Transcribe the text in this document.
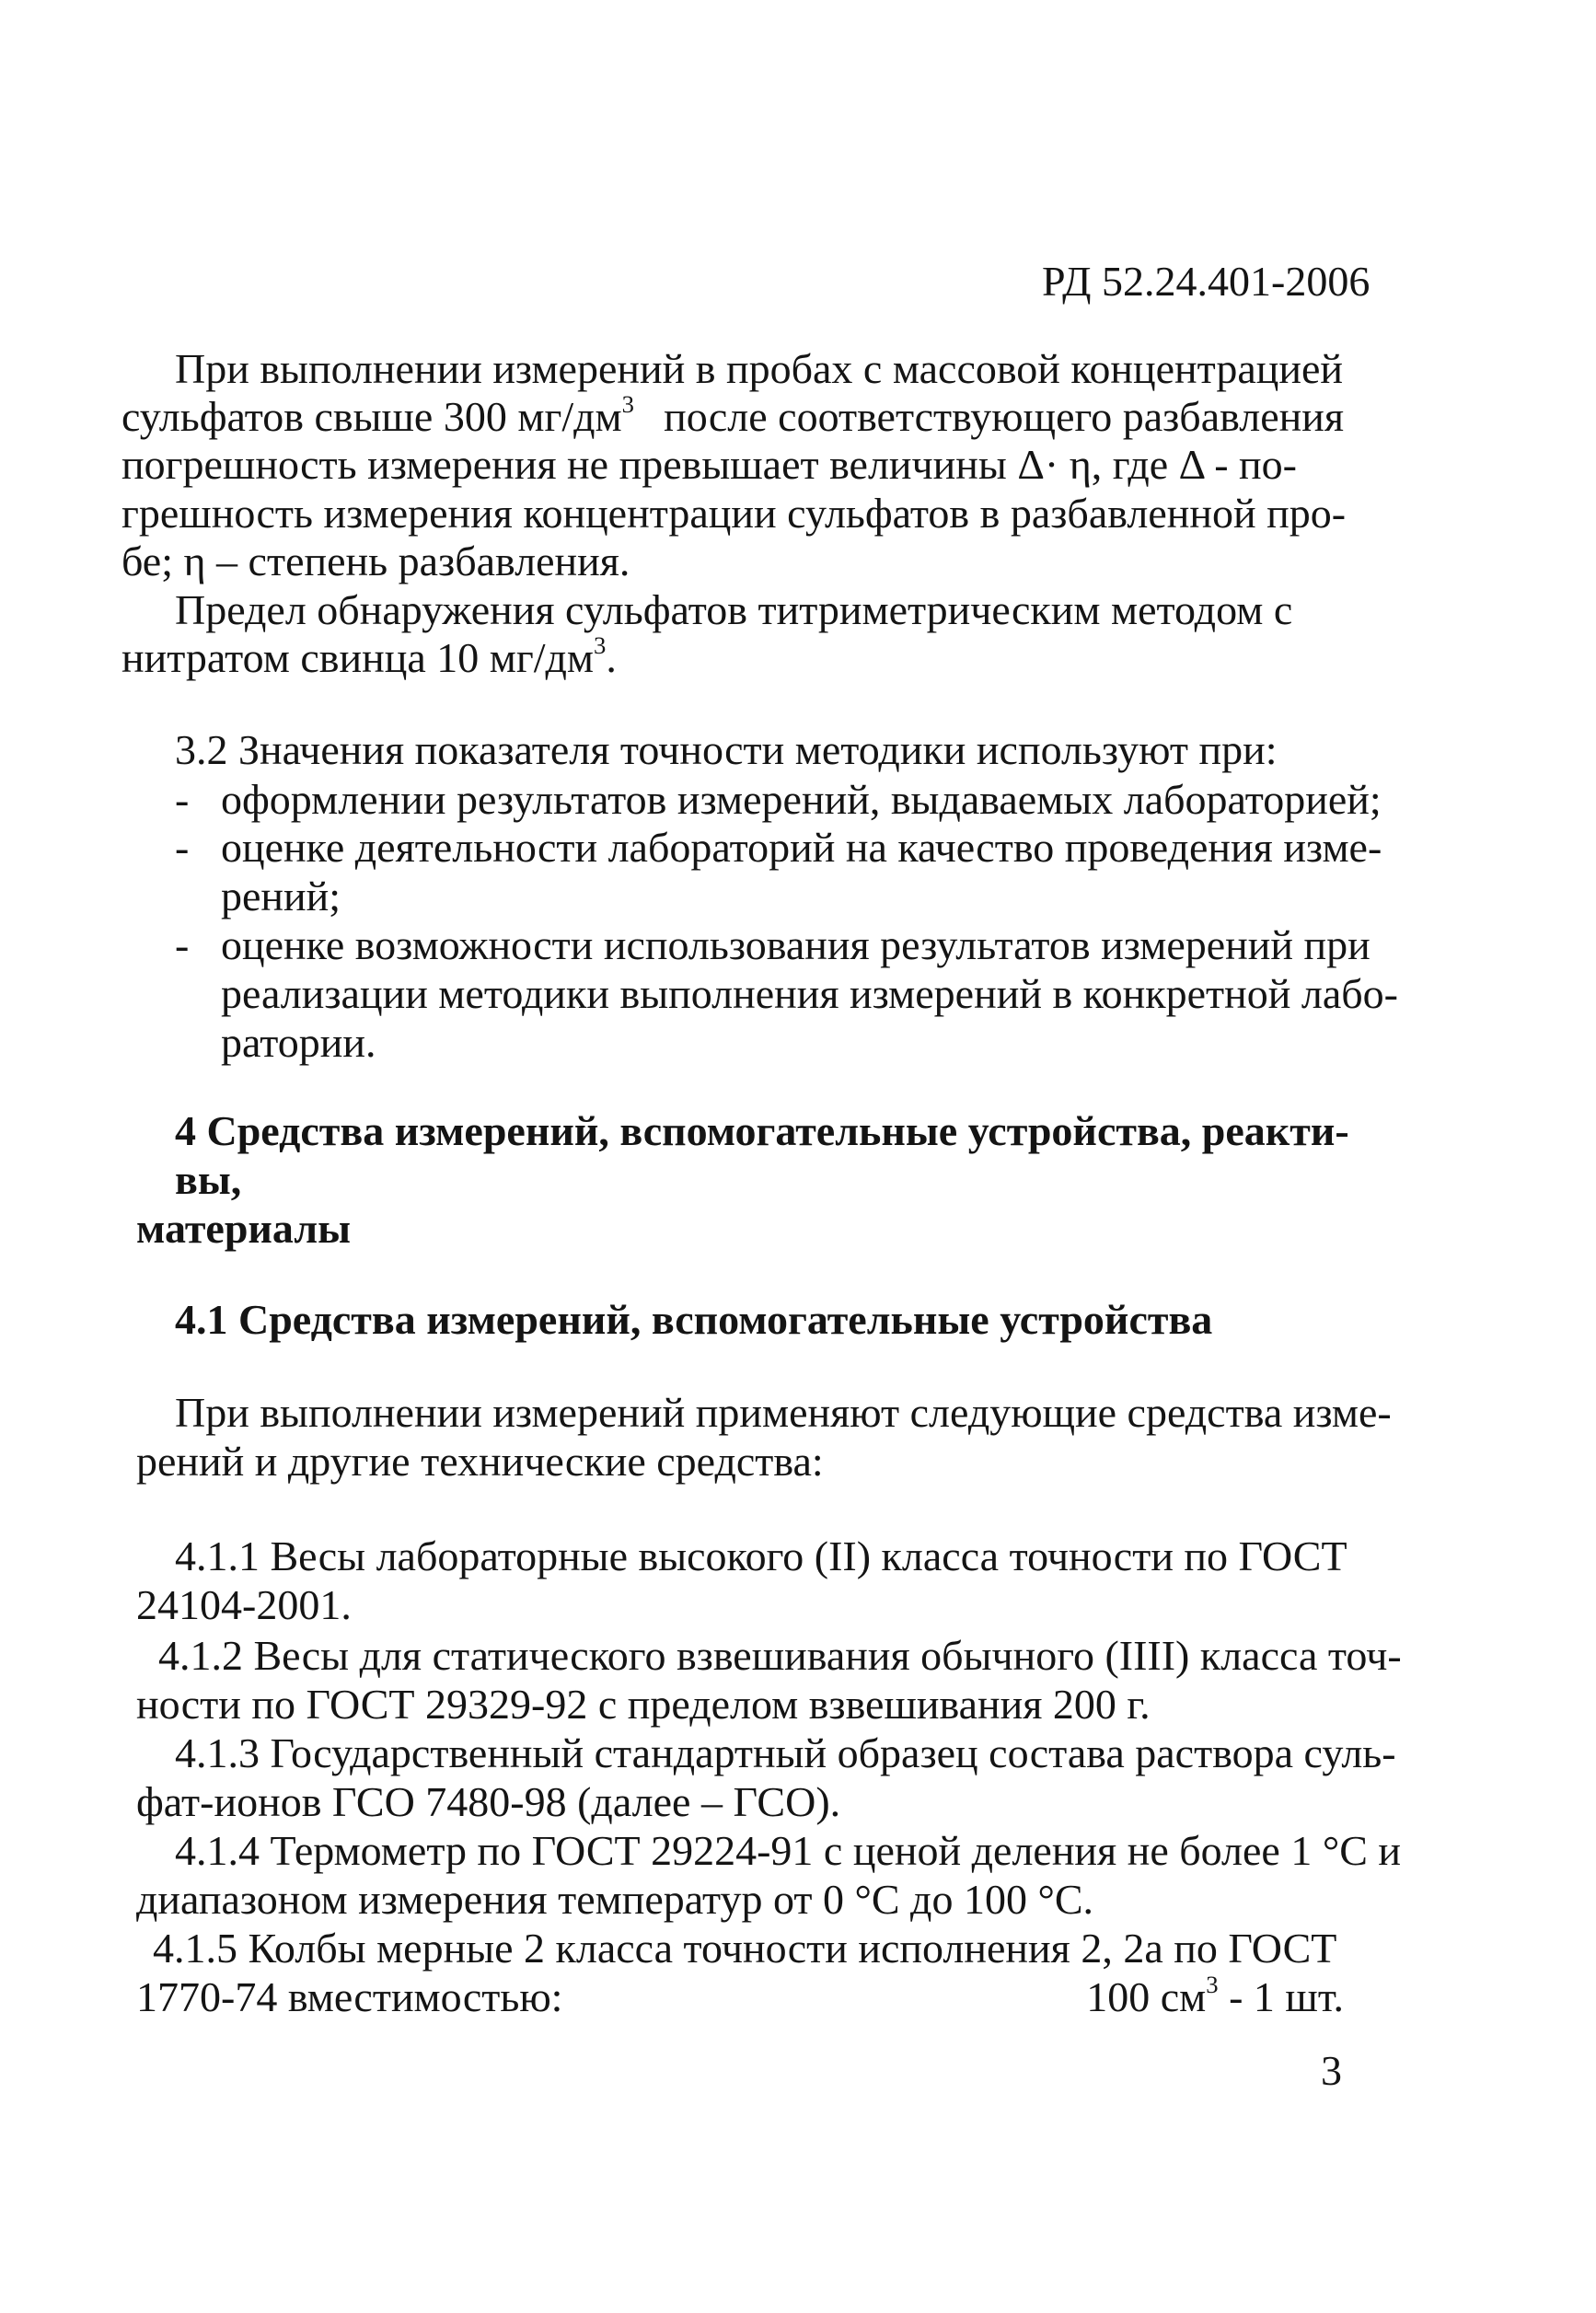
РД 52.24.401-2006
При выполнении измерений в пробах с массовой концентрацией
сульфатов свыше 300 $мг/дм^3$ после соответствующего разбавления
погрешность измерения не превышает величины Δ· η, где Δ - по-
грешность измерения концентрации сульфатов в разбавленной про-
бе; η – степень разбавления.
Предел обнаружения сульфатов титриметрическим методом с
нитратом свинца 10 $мг/дм^3$.
3.2 Значения показателя точности методики используют при:
- оформлении результатов измерений, выдаваемых лабораторией;
- оценке деятельности лабораторий на качество проведения изме-
рений;
- оценке возможности использования результатов измерений при
реализации методики выполнения измерений в конкретной лабо-
ратории.
4 Средства измерений, вспомогательные устройства, реакти-
вы,
материалы
4.1 Средства измерений, вспомогательные устройства
При выполнении измерений применяют следующие средства изме-
рений и другие технические средства:
4.1.1 Весы лабораторные высокого (II) класса точности по ГОСТ
24104-2001.
4.1.2 Весы для статического взвешивания обычного (IIII) класса точ-
ности по ГОСТ 29329-92 с пределом взвешивания 200 г.
4.1.3 Государственный стандартный образец состава раствора суль-
фат-ионов ГСО 7480-98 (далее – ГСО).
4.1.4 Термометр по ГОСТ 29224-91 с ценой деления не более 1 °С и
диапазоном измерения температур от 0 °С до 100 °С.
4.1.5 Колбы мерные 2 класса точности исполнения 2, 2а по ГОСТ
1770-74 вместимостью:	100 $см^3 - 1$ шт.
3
